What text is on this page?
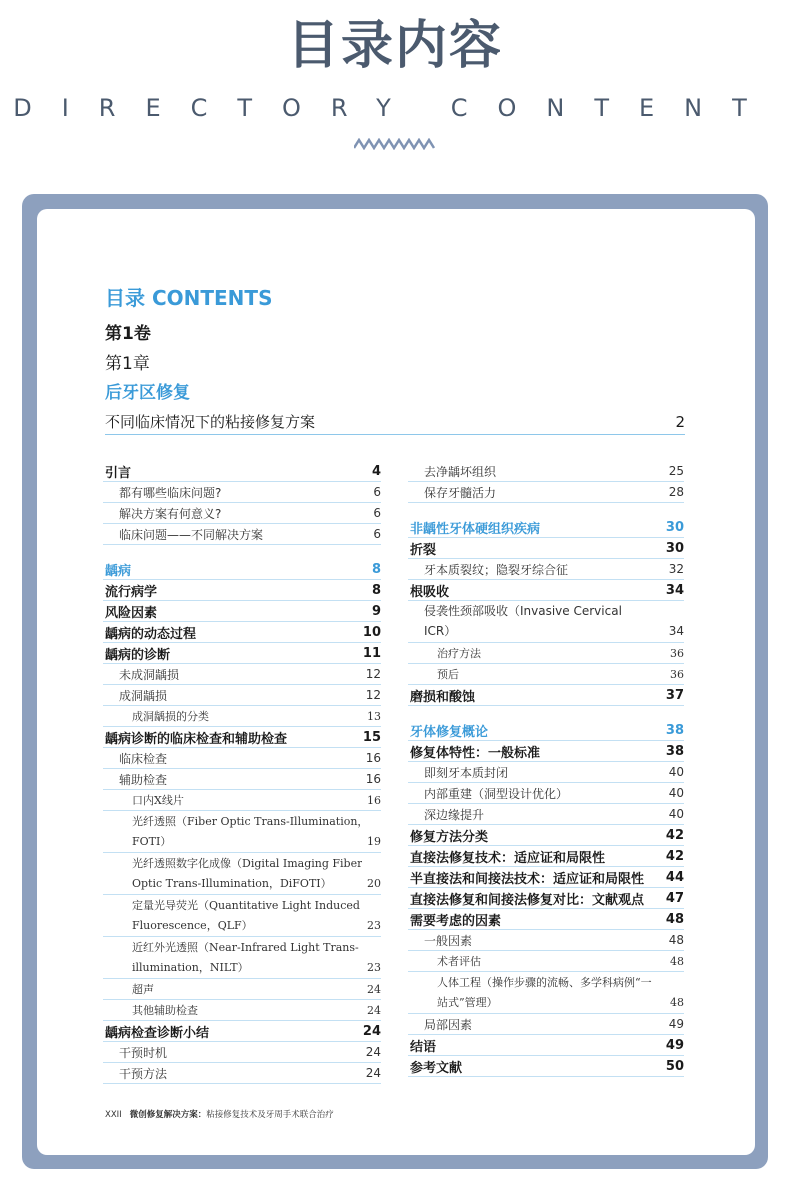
目录内容
DIRECTORY CONTENT
目录 CONTENTS
第1卷
第1章
后牙区修复
不同临床情况下的粘接修复方案	2
引言	4
都有哪些临床问题?	6
解决方案有何意义?	6
临床问题——不同解决方案	6
龋病	8
流行病学	8
风险因素	9
龋病的动态过程	10
龋病的诊断	11
未成洞龋损	12
成洞龋损	12
成洞龋损的分类	13
龋病诊断的临床检查和辅助检查	15
临床检查	16
辅助检查	16
口内X线片	16
光纤透照（Fiber Optic Trans-Illumination，
FOTI）	19
光纤透照数字化成像（Digital Imaging Fiber
Optic Trans-Illumination，DiFOTI）	20
定量光导荧光（Quantitative Light Induced
Fluorescence，QLF）	23
近红外光透照（Near-Infrared Light Trans-
illumination，NILT）	23
超声	24
其他辅助检查	24
龋病检查诊断小结	24
干预时机	24
干预方法	24
去净龋坏组织	25
保存牙髓活力	28
非龋性牙体硬组织疾病	30
折裂	30
牙本质裂纹；隐裂牙综合征	32
根吸收	34
侵袭性颈部吸收（Invasive Cervical
ICR）	34
治疗方法	36
预后	36
磨损和酸蚀	37
牙体修复概论	38
修复体特性：一般标准	38
即刻牙本质封闭	40
内部重建（洞型设计优化）	40
深边缘提升	40
修复方法分类	42
直接法修复技术：适应证和局限性	42
半直接法和间接法技术：适应证和局限性 44
直接法修复和间接法修复对比：文献观点 47
需要考虑的因素	48
一般因素	48
术者评估	48
人体工程（操作步骤的流畅、多学科病例“一
站式”管理）	48
局部因素	49
结语	49
参考文献	50
XXII 微创修复解决方案：粘接修复技术及牙周手术联合治疗
